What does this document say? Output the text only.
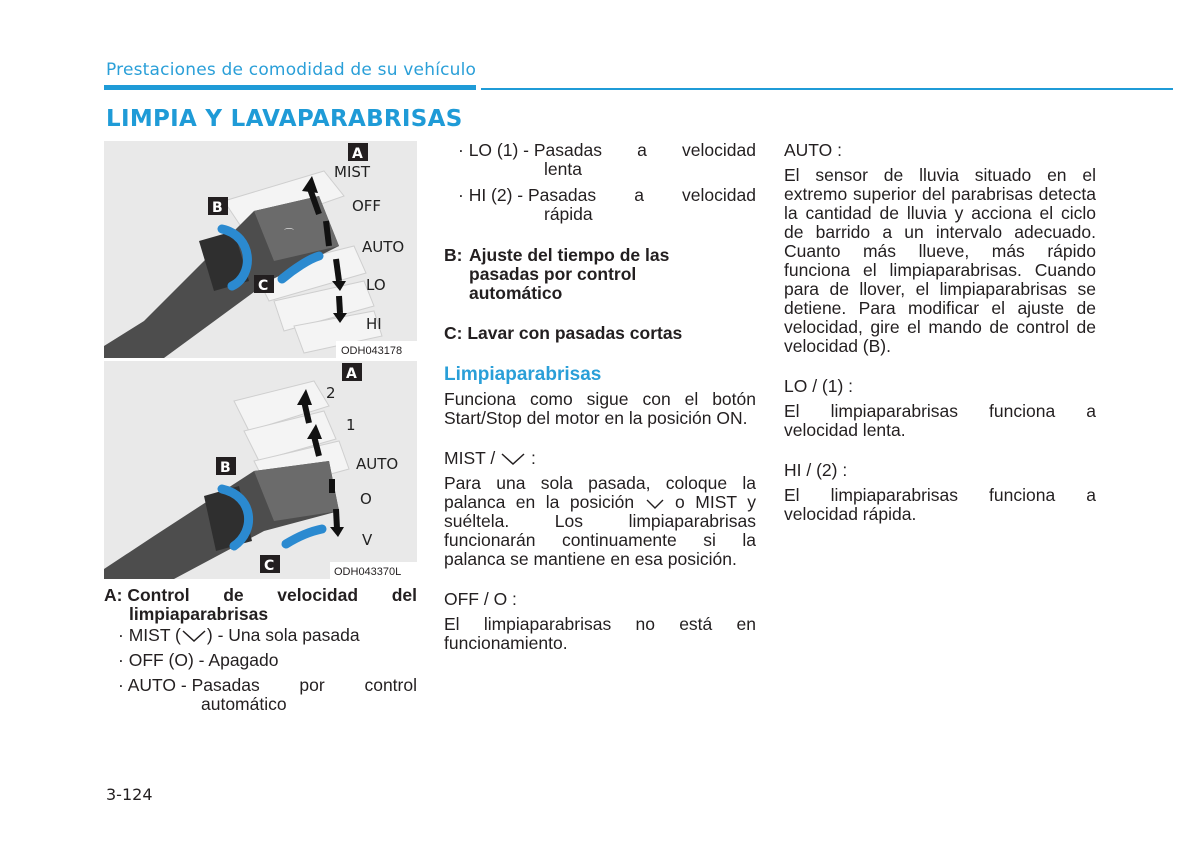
Prestaciones de comodidad de su vehículo
LIMPIA Y LAVAPARABRISAS
⌒
MIST
OFF
AUTO
LO
HI
A
B
C
ODH043178
2
1
AUTO
O
V
A
B
C	ODH043370L
A:
Control de velocidad del
limpiaparabrisas
· MIST ( ) - Una sola pasada
· OFF (O) - Apagado
· AUTO - Pasadas por control
automático
· LO (1) - Pasadas a velocidad
lenta
· HI (2) - Pasadas a velocidad
rápida
B: Ajuste del tiempo de las pasadas por control automático
C: Lavar con pasadas cortas
Limpiaparabrisas

Funciona como sigue con el botón Start/Stop del motor en la posición ON.

MIST /  :

Para una sola pasada, coloque la palanca en la posición  o MIST y suéltela. Los limpiaparabrisas funcionarán continuamente si la palanca se mantiene en esa posición.

OFF / O :

El limpiaparabrisas no está en funcionamiento.

AUTO :

El sensor de lluvia situado en el extremo superior del parabrisas detecta la cantidad de lluvia y acciona el ciclo de barrido a un intervalo adecuado. Cuanto más llueve, más rápido funciona el limpiaparabrisas. Cuando para de llover, el limpiaparabrisas se detiene. Para modificar el ajuste de velocidad, gire el mando de control de velocidad (B).

LO / (1) :

El limpiaparabrisas funciona a velocidad lenta.

HI / (2) :

El limpiaparabrisas funciona a velocidad rápida.

3-124
